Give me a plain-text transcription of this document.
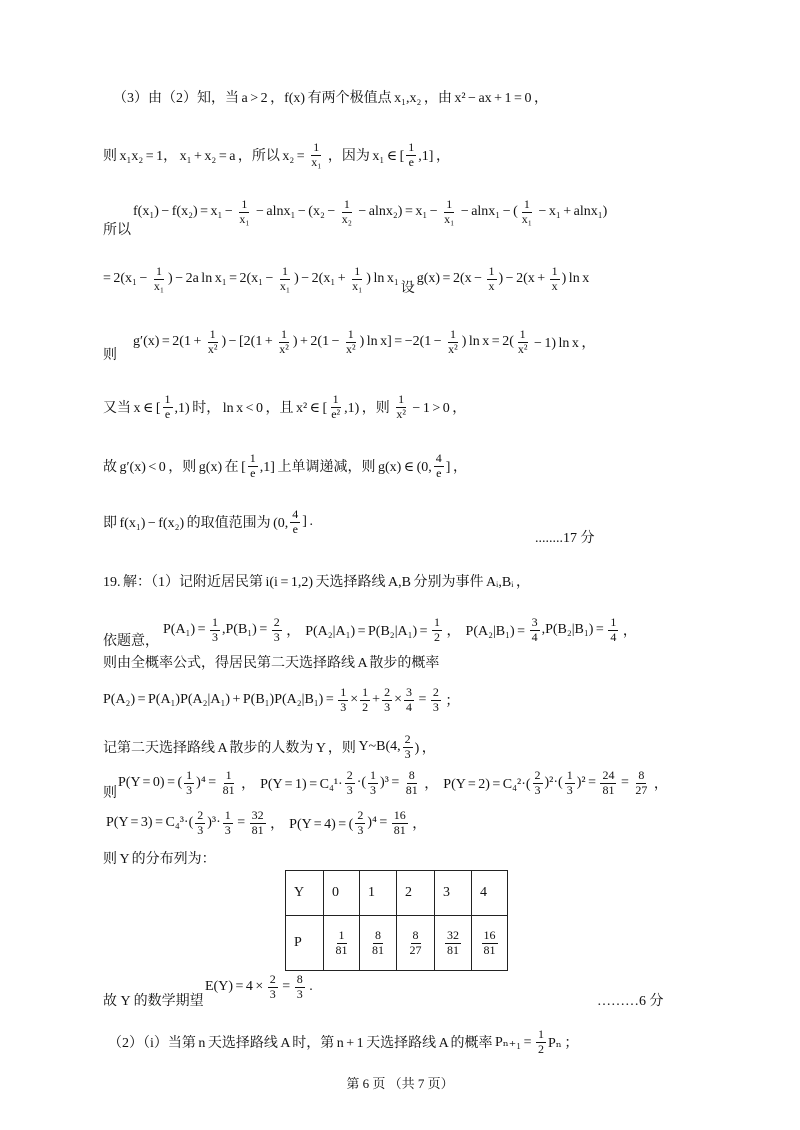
（3）由（2）知，当 a > 2 ，f(x) 有两个极值点 x₁,x₂ ，由 x² − ax + 1 = 0 ，
则 x₁x₂ = 1， x₁ + x₂ = a ，所以 $x_2 = \frac{1}{\text{x₁}}$ ，因为 x₁ ∈ [ $\frac{1}{e} ,1$] ，
所以
$f(x_1) - f(x_2) = x_1 - \frac{1}{\text{x₁}} - alnx_1 - (x_2 - \frac{1}{\text{x₂}} - alnx_2) = x_1 - \frac{1}{\text{x₁}} - alnx_1$ − ( $\frac{1}{\text{x₁}} - x_1 + alnx_1$)
= $2(x_1 - \frac{1}{\text{x₁}}$ ) − 2a $\ln x_1 = 2(x_1 - \frac{1}{\text{x₁}}$ ) − $2(x_1 + \frac{1}{\text{x₁}}$ ) ln x₁
设
$g(x) = 2(x - \frac{1}{x}$ ) − $2(x + \frac{1}{x}$ ) ln x
则
$g'(x) = 2(1 + \frac{1}{\text{x²}}$ ) − [$2(1 + \frac{1}{\text{x²}}$ ) + $2(1 - \frac{1}{\text{x²}}$ ) $\ln x] = -2(1 - \frac{1}{\text{x²}}$ ) $\ln x = 2( \frac{1}{\text{x²}} - 1)$ ln x ，
又当 x ∈ [ $\frac{1}{e} ,1$) 时， ln x < 0 ，且 x² ∈ [ $\frac{1}{\text{e²}} ,1$) ，则 $\frac{1}{\text{x²}} - 1 > 0$ ，
故 g′(x) < 0 ，则 g(x) 在 [ $\frac{1}{e} ,1$] 上单调递减，则 g(x) ∈ (0, $\frac{4}{e}$ ] ，
即 f(x₁) − f(x₂) 的取值范围为 (0, $\frac{4}{e}$ ] .
........17 分
19. 解：（1）记附近居民第 i(i = 1,2) 天选择路线 A,B 分别为事件 Aᵢ,Bᵢ ，
依题意，
$P(A_1) = \frac{1}{3} ,P(B_1) = \frac{2}{3}$ ，  $P(A_2|A_1) = P(B_2|A_1) = \frac{1}{2}$ ，  $P(A_2|B_1) = \frac{3}{4} ,P(B_2|B_1) = \frac{1}{4}$ ，
则由全概率公式，得居民第二天选择路线 A 散步的概率
$P(A_2) = P(A_1)P(A_2|A_1) + P(B_1)P(A_2|B_1) = \frac{1}{3} \times \frac{1}{2} + \frac{2}{3} \times \frac{3}{4} = \frac{2}{3}$ ；
记第二天选择路线 A 散步的人数为 Y ，则 Y~B(4, $\frac{2}{3}$ ) ，
则
P(Y = 0) = ( $\frac{1}{3} )^4 = \frac{1}{81}$ ，  $P(Y = 1) = C_4^1\cdot \frac{2}{3}$ ·( $\frac{1}{3} )^3 = \frac{8}{81}$ ，  $P(Y = 2) = C_4^2\cdot( \frac{2}{3} )^2\cdot( \frac{1}{3} )^2 = \frac{24}{81} = \frac{8}{27}$ ，
$P(Y = 3) = C_4^3\cdot( \frac{2}{3} )^3\cdot \frac{1}{3} = \frac{32}{81}$ ，  P(Y = 4) = ( $\frac{2}{3} )^4 = \frac{16}{81}$ ，
则 Y 的分布列为：
Y	0	1	2	3	4
P	$\frac{1}{81}$	$\frac{8}{81}$	$\frac{8}{27}$	$\frac{32}{81}$	$\frac{16}{81}$
故 Y 的数学期望
$E(Y) = 4 \times \frac{2}{3} = \frac{8}{3}$ .
………6 分
（2）（i）当第 n 天选择路线 A 时，第 n + 1 天选择路线 A 的概率 $P_{n+1} = \frac{1}{2}$ Pₙ ；
第 6 页 （共 7 页）
